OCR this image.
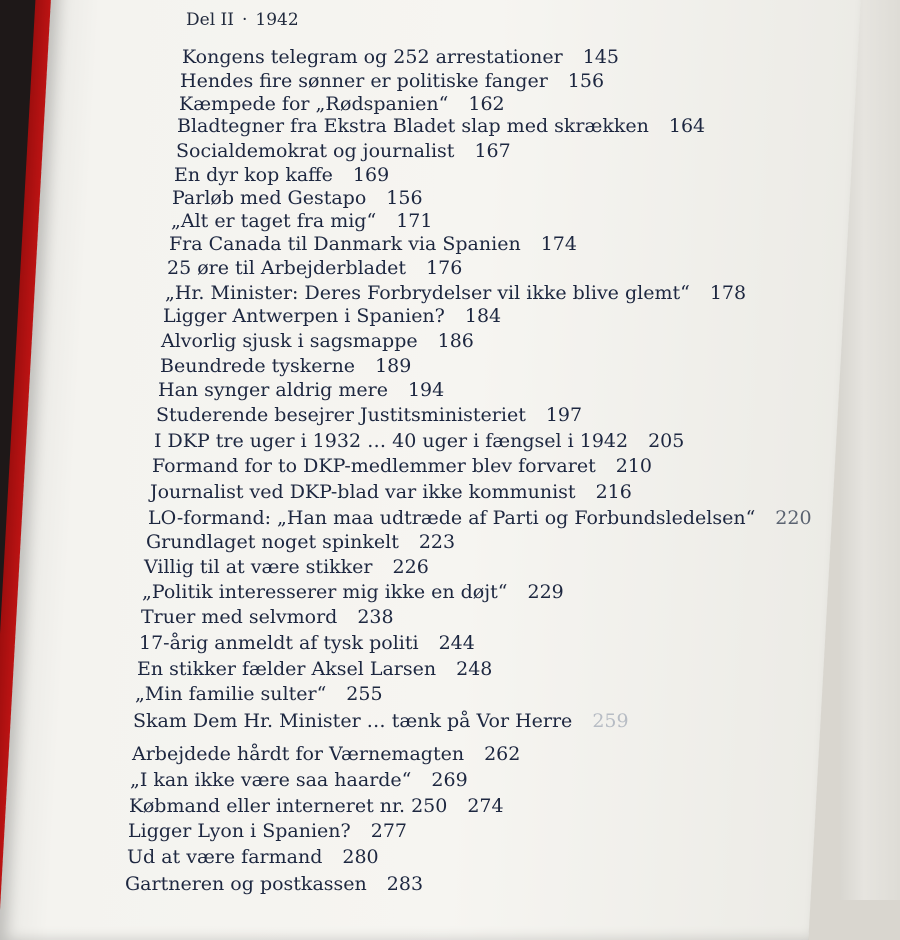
Del II · 1942
Kongens telegram og 252 arrestationer 145
Hendes fire sønner er politiske fanger 156
Kæmpede for „Rødspanien“ 162
Bladtegner fra Ekstra Bladet slap med skrækken 164
Socialdemokrat og journalist 167
En dyr kop kaffe 169
Parløb med Gestapo 156
„Alt er taget fra mig“ 171
Fra Canada til Danmark via Spanien 174
25 øre til Arbejderbladet 176
„Hr. Minister: Deres Forbrydelser vil ikke blive glemt“ 178
Ligger Antwerpen i Spanien? 184
Alvorlig sjusk i sagsmappe 186
Beundrede tyskerne 189
Han synger aldrig mere 194
Studerende besejrer Justitsministeriet 197
I DKP tre uger i 1932 … 40 uger i fængsel i 1942 205
Formand for to DKP-medlemmer blev forvaret 210
Journalist ved DKP-blad var ikke kommunist 216
LO-formand: „Han maa udtræde af Parti og Forbundsledelsen“ 220
Grundlaget noget spinkelt 223
Villig til at være stikker 226
„Politik interesserer mig ikke en døjt“ 229
Truer med selvmord 238
17-årig anmeldt af tysk politi 244
En stikker fælder Aksel Larsen 248
„Min familie sulter“ 255
Skam Dem Hr. Minister … tænk på Vor Herre 259
Arbejdede hårdt for Værnemagten 262
„I kan ikke være saa haarde“ 269
Købmand eller interneret nr. 250 274
Ligger Lyon i Spanien? 277
Ud at være farmand 280
Gartneren og postkassen 283
